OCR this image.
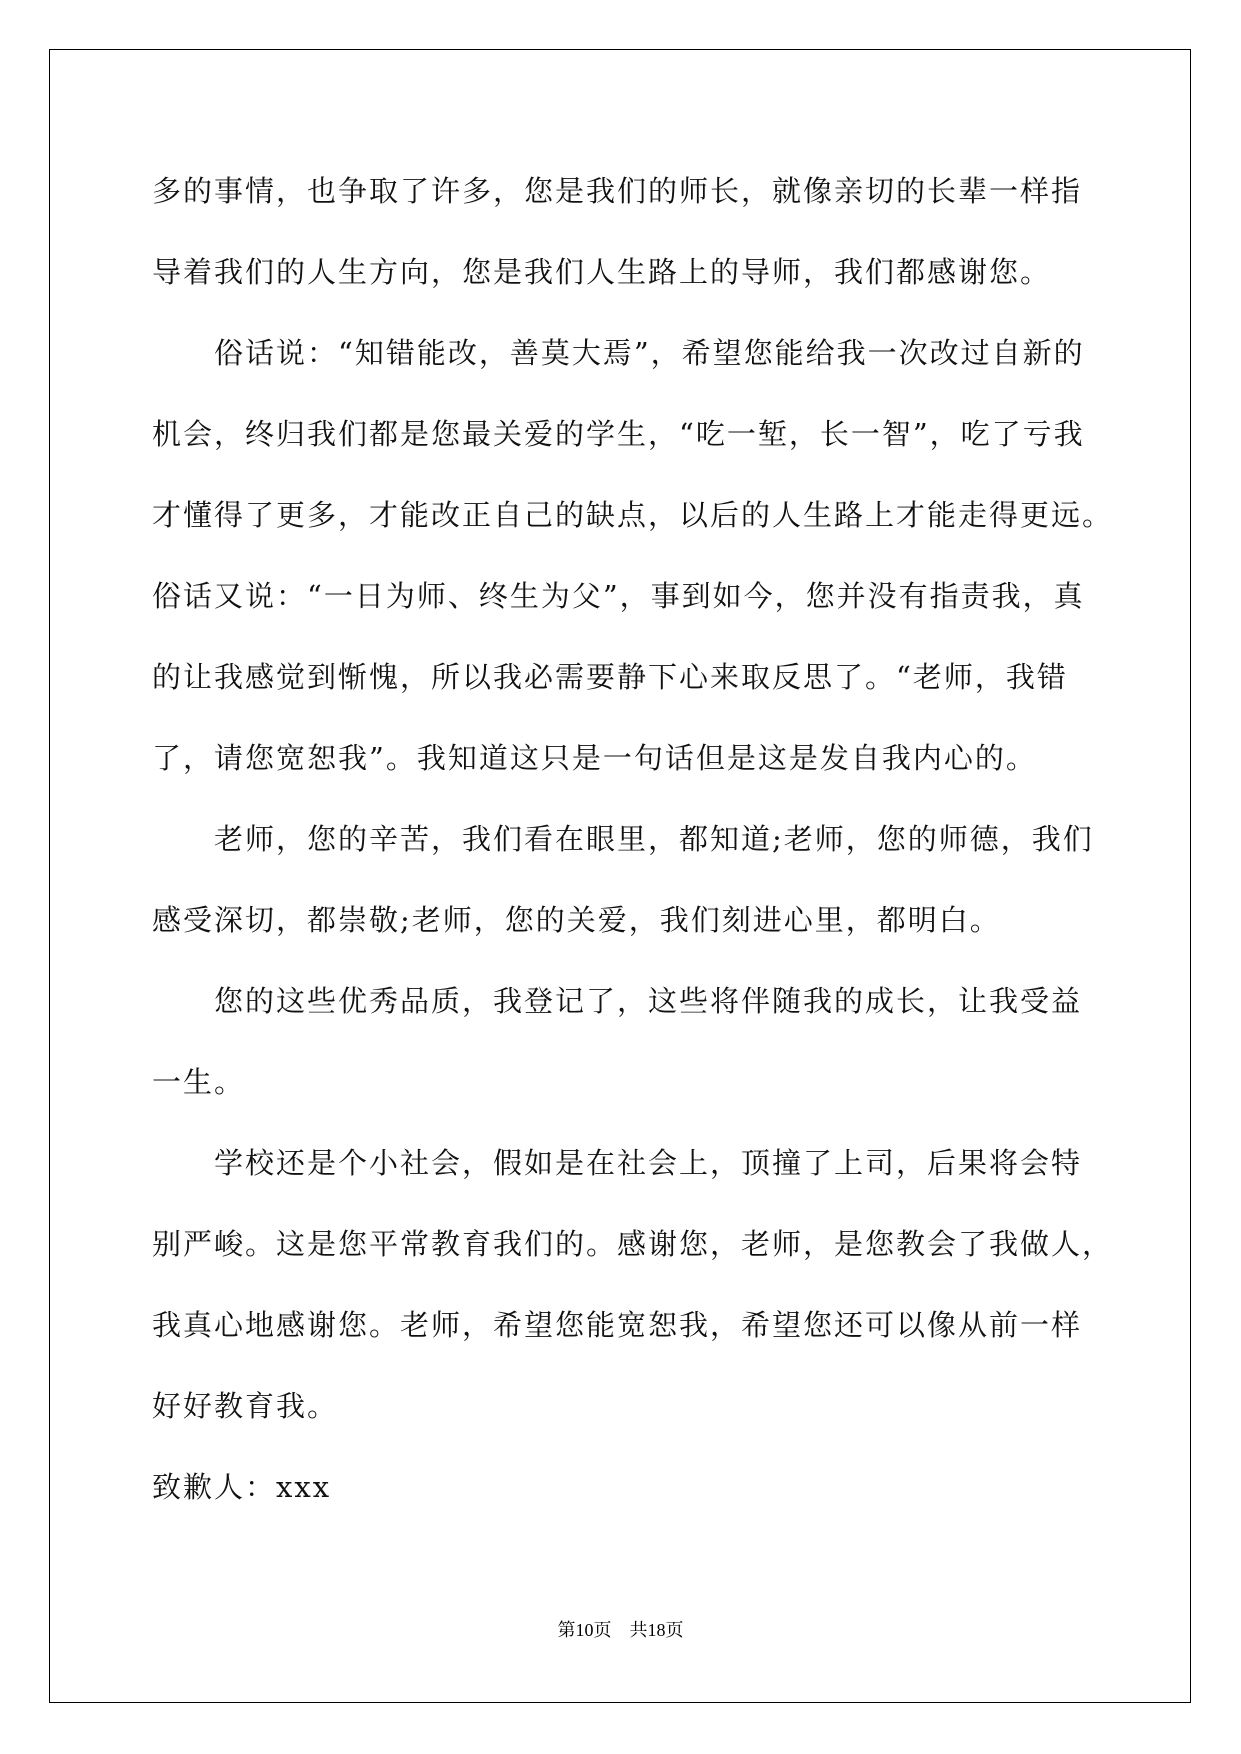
多的事情，也争取了许多，您是我们的师长，就像亲切的长辈一样指
导着我们的人生方向，您是我们人生路上的导师，我们都感谢您。
　　俗话说：“知错能改，善莫大焉”，希望您能给我一次改过自新的
机会，终归我们都是您最关爱的学生，“吃一堑，长一智”，吃了亏我
才懂得了更多，才能改正自己的缺点，以后的人生路上才能走得更远。
俗话又说：“一日为师、终生为父”，事到如今，您并没有指责我，真
的让我感觉到惭愧，所以我必需要静下心来取反思了。“老师，我错
了，请您宽恕我”。我知道这只是一句话但是这是发自我内心的。
　　老师，您的辛苦，我们看在眼里，都知道;老师，您的师德，我们
感受深切，都崇敬;老师，您的关爱，我们刻进心里，都明白。
　　您的这些优秀品质，我登记了，这些将伴随我的成长，让我受益
一生。
　　学校还是个小社会，假如是在社会上，顶撞了上司，后果将会特
别严峻。这是您平常教育我们的。感谢您，老师，是您教会了我做人，
我真心地感谢您。老师，希望您能宽恕我，希望您还可以像从前一样
好好教育我。
致歉人：xxx
第10页　共18页
